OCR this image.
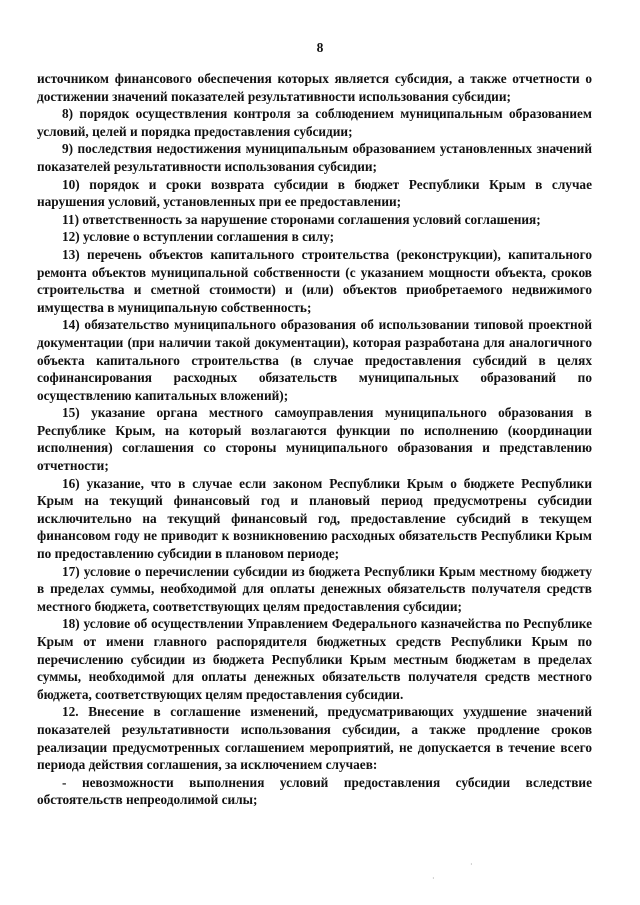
8

источником финансового обеспечения которых является субсидия, а также отчетности о достижении значений показателей результативности использования субсидии;

8) порядок осуществления контроля за соблюдением муниципальным образованием условий, целей и порядка предоставления субсидии;

9) последствия недостижения муниципальным образованием установленных значений показателей результативности использования субсидии;

10) порядок и сроки возврата субсидии в бюджет Республики Крым в случае нарушения условий, установленных при ее предоставлении;

11) ответственность за нарушение сторонами соглашения условий соглашения;

12) условие о вступлении соглашения в силу;

13) перечень объектов капитального строительства (реконструкции), капитального ремонта объектов муниципальной собственности (с указанием мощности объекта, сроков строительства и сметной стоимости) и (или) объектов приобретаемого недвижимого имущества в муниципальную собственность;

14) обязательство муниципального образования об использовании типовой проектной документации (при наличии такой документации), которая разработана для аналогичного объекта капитального строительства (в случае предоставления субсидий в целях софинансирования расходных обязательств муниципальных образований по осуществлению капитальных вложений);

15) указание органа местного самоуправления муниципального образования в Республике Крым, на который возлагаются функции по исполнению (координации исполнения) соглашения со стороны муниципального образования и представлению отчетности;

16) указание, что в случае если законом Республики Крым о бюджете Республики Крым на текущий финансовый год и плановый период предусмотрены субсидии исключительно на текущий финансовый год, предоставление субсидий в текущем финансовом году не приводит к возникновению расходных обязательств Республики Крым по предоставлению субсидии в плановом периоде;

17) условие о перечислении субсидии из бюджета Республики Крым местному бюджету в пределах суммы, необходимой для оплаты денежных обязательств получателя средств местного бюджета, соответствующих целям предоставления субсидии;

18) условие об осуществлении Управлением Федерального казначейства по Республике Крым от имени главного распорядителя бюджетных средств Республики Крым по перечислению субсидии из бюджета Республики Крым местным бюджетам в пределах суммы, необходимой для оплаты денежных обязательств получателя средств местного бюджета, соответствующих целям предоставления субсидии.

12. Внесение в соглашение изменений, предусматривающих ухудшение значений показателей результативности использования субсидии, а также продление сроков реализации предусмотренных соглашением мероприятий, не допускается в течение всего периода действия соглашения, за исключением случаев:

- невозможности выполнения условий предоставления субсидии вследствие обстоятельств непреодолимой силы;

·
·
